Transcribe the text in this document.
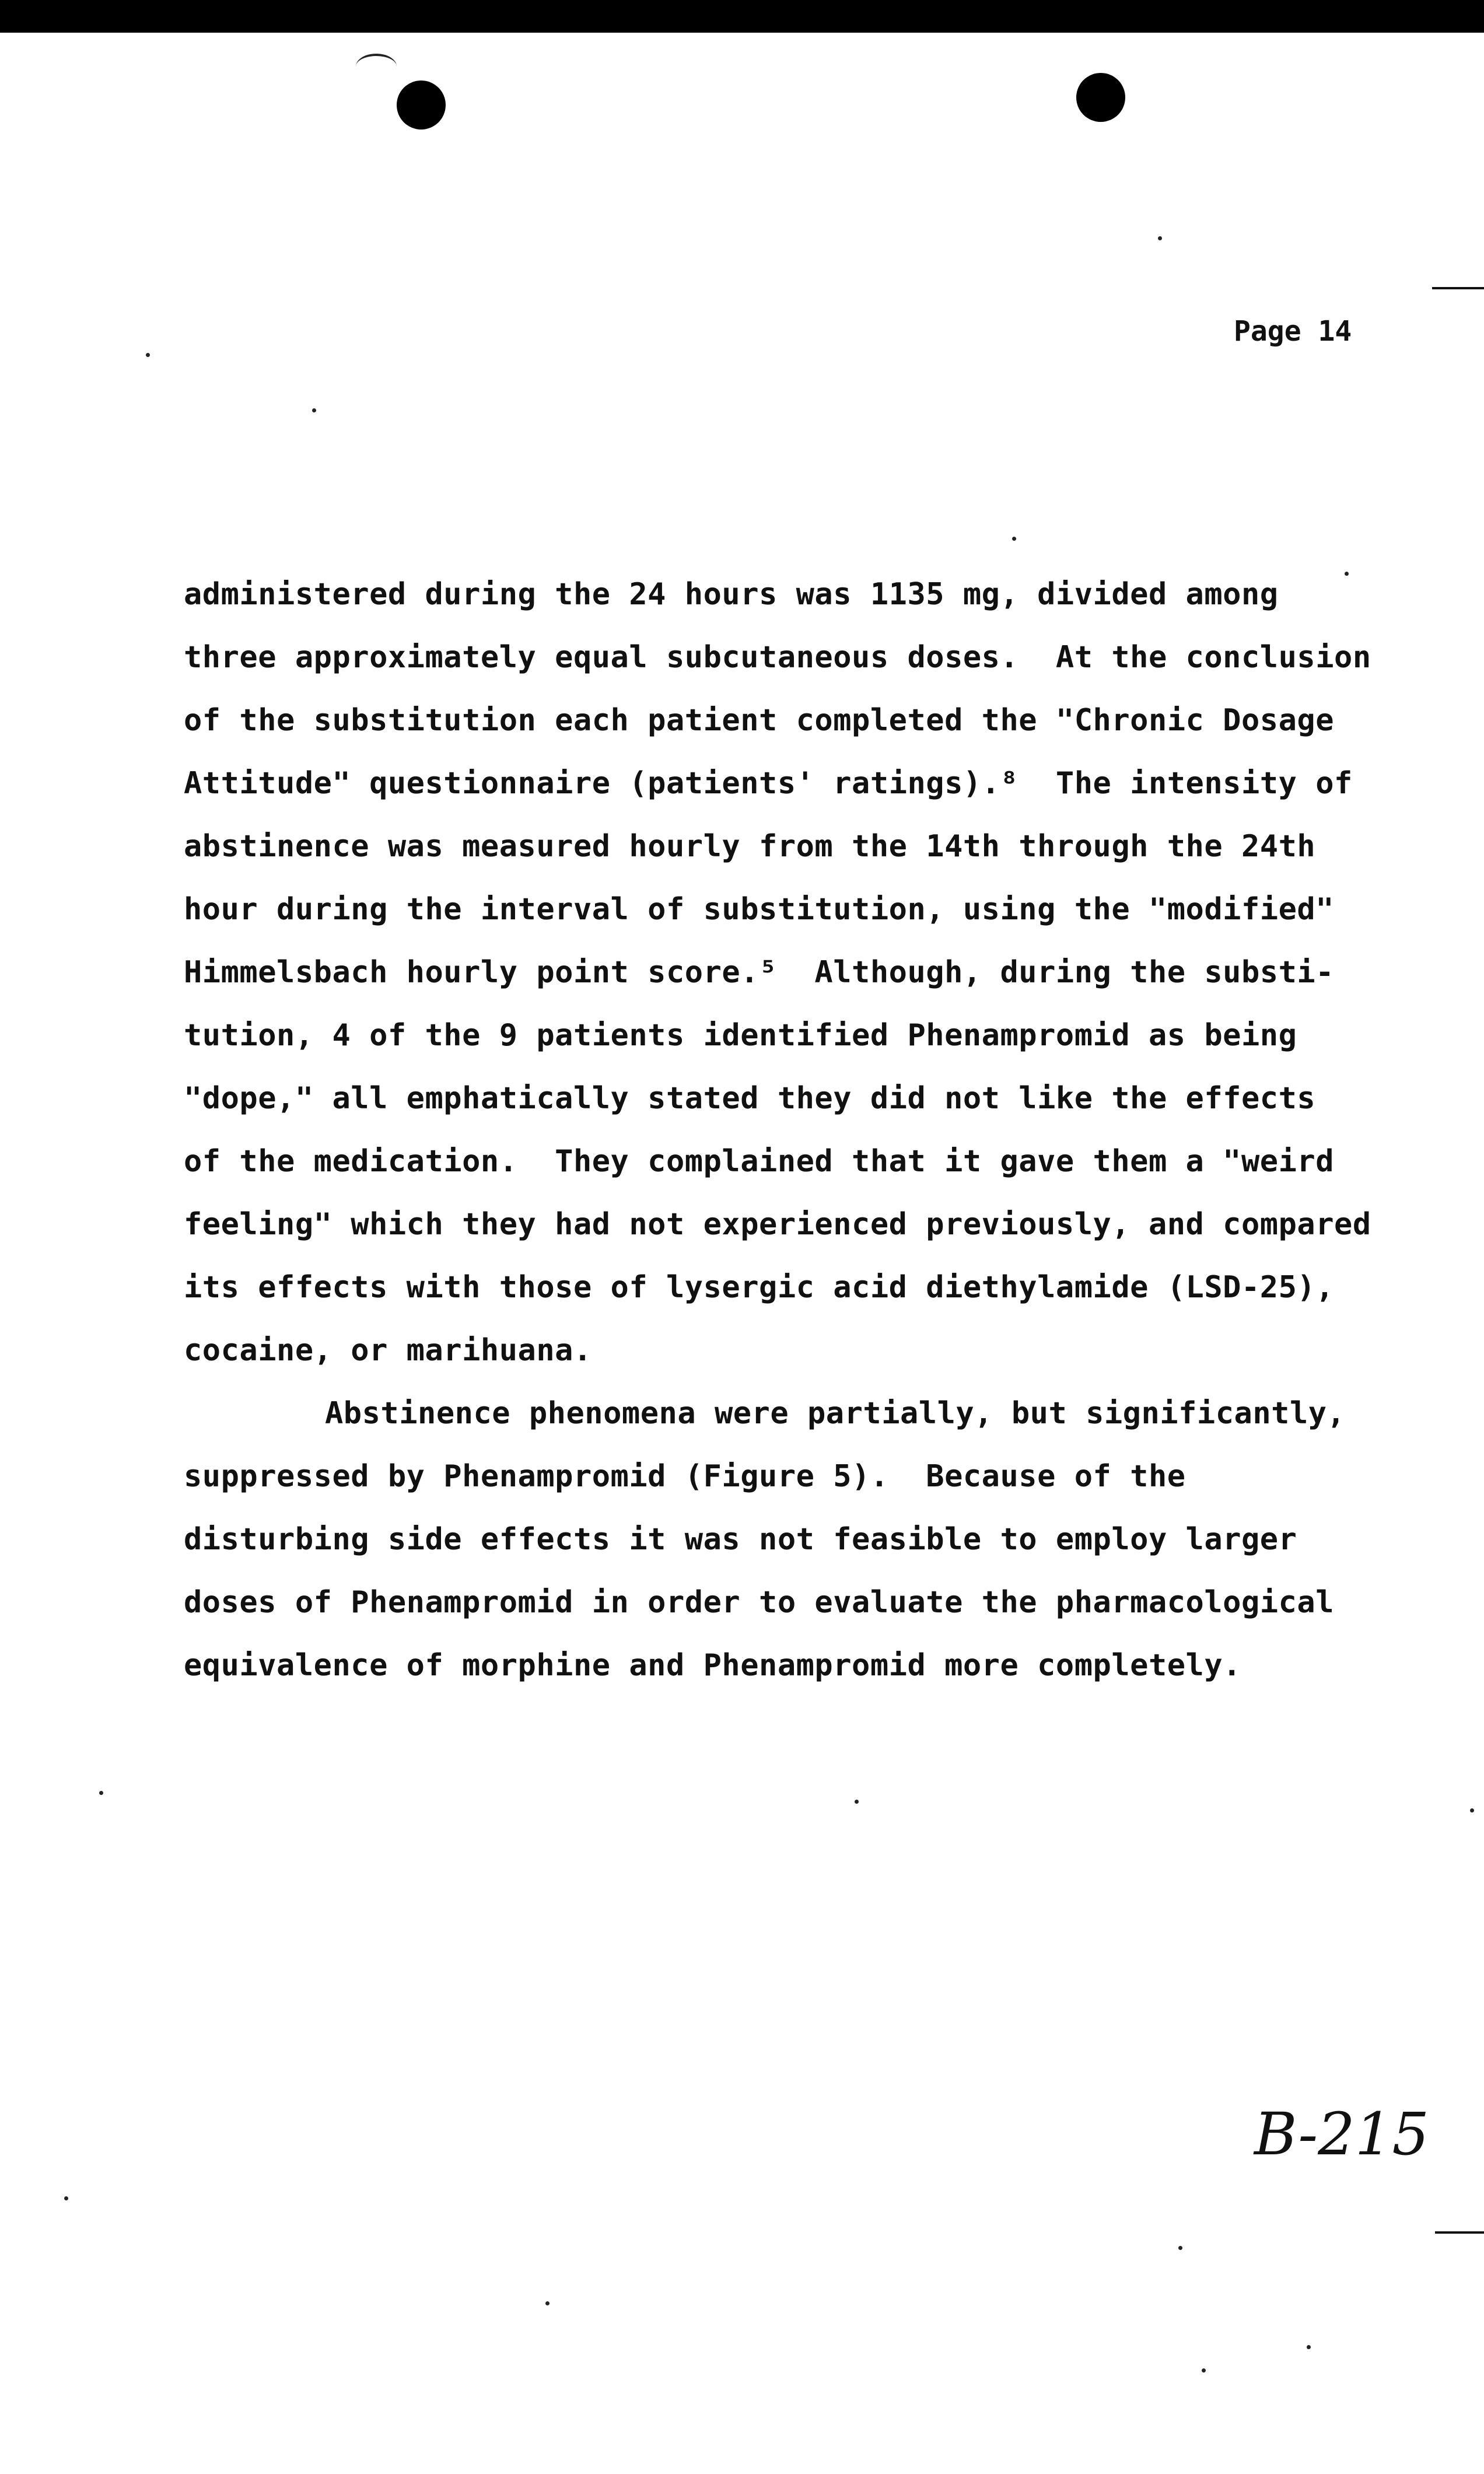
Page 14
administered during the 24 hours was 1135 mg, divided among
three approximately equal subcutaneous doses.  At the conclusion
of the substitution each patient completed the "Chronic Dosage
Attitude" questionnaire (patients' ratings).⁸  The intensity of
abstinence was measured hourly from the 14th through the 24th
hour during the interval of substitution, using the "modified"
Himmelsbach hourly point score.⁵  Although, during the substi-
tution, 4 of the 9 patients identified Phenampromid as being
"dope," all emphatically stated they did not like the effects
of the medication.  They complained that it gave them a "weird
feeling" which they had not experienced previously, and compared
its effects with those of lysergic acid diethylamide (LSD-25),
cocaine, or marihuana.
Abstinence phenomena were partially, but significantly,
suppressed by Phenampromid (Figure 5).  Because of the
disturbing side effects it was not feasible to employ larger
doses of Phenampromid in order to evaluate the pharmacological
equivalence of morphine and Phenampromid more completely.
B-215
